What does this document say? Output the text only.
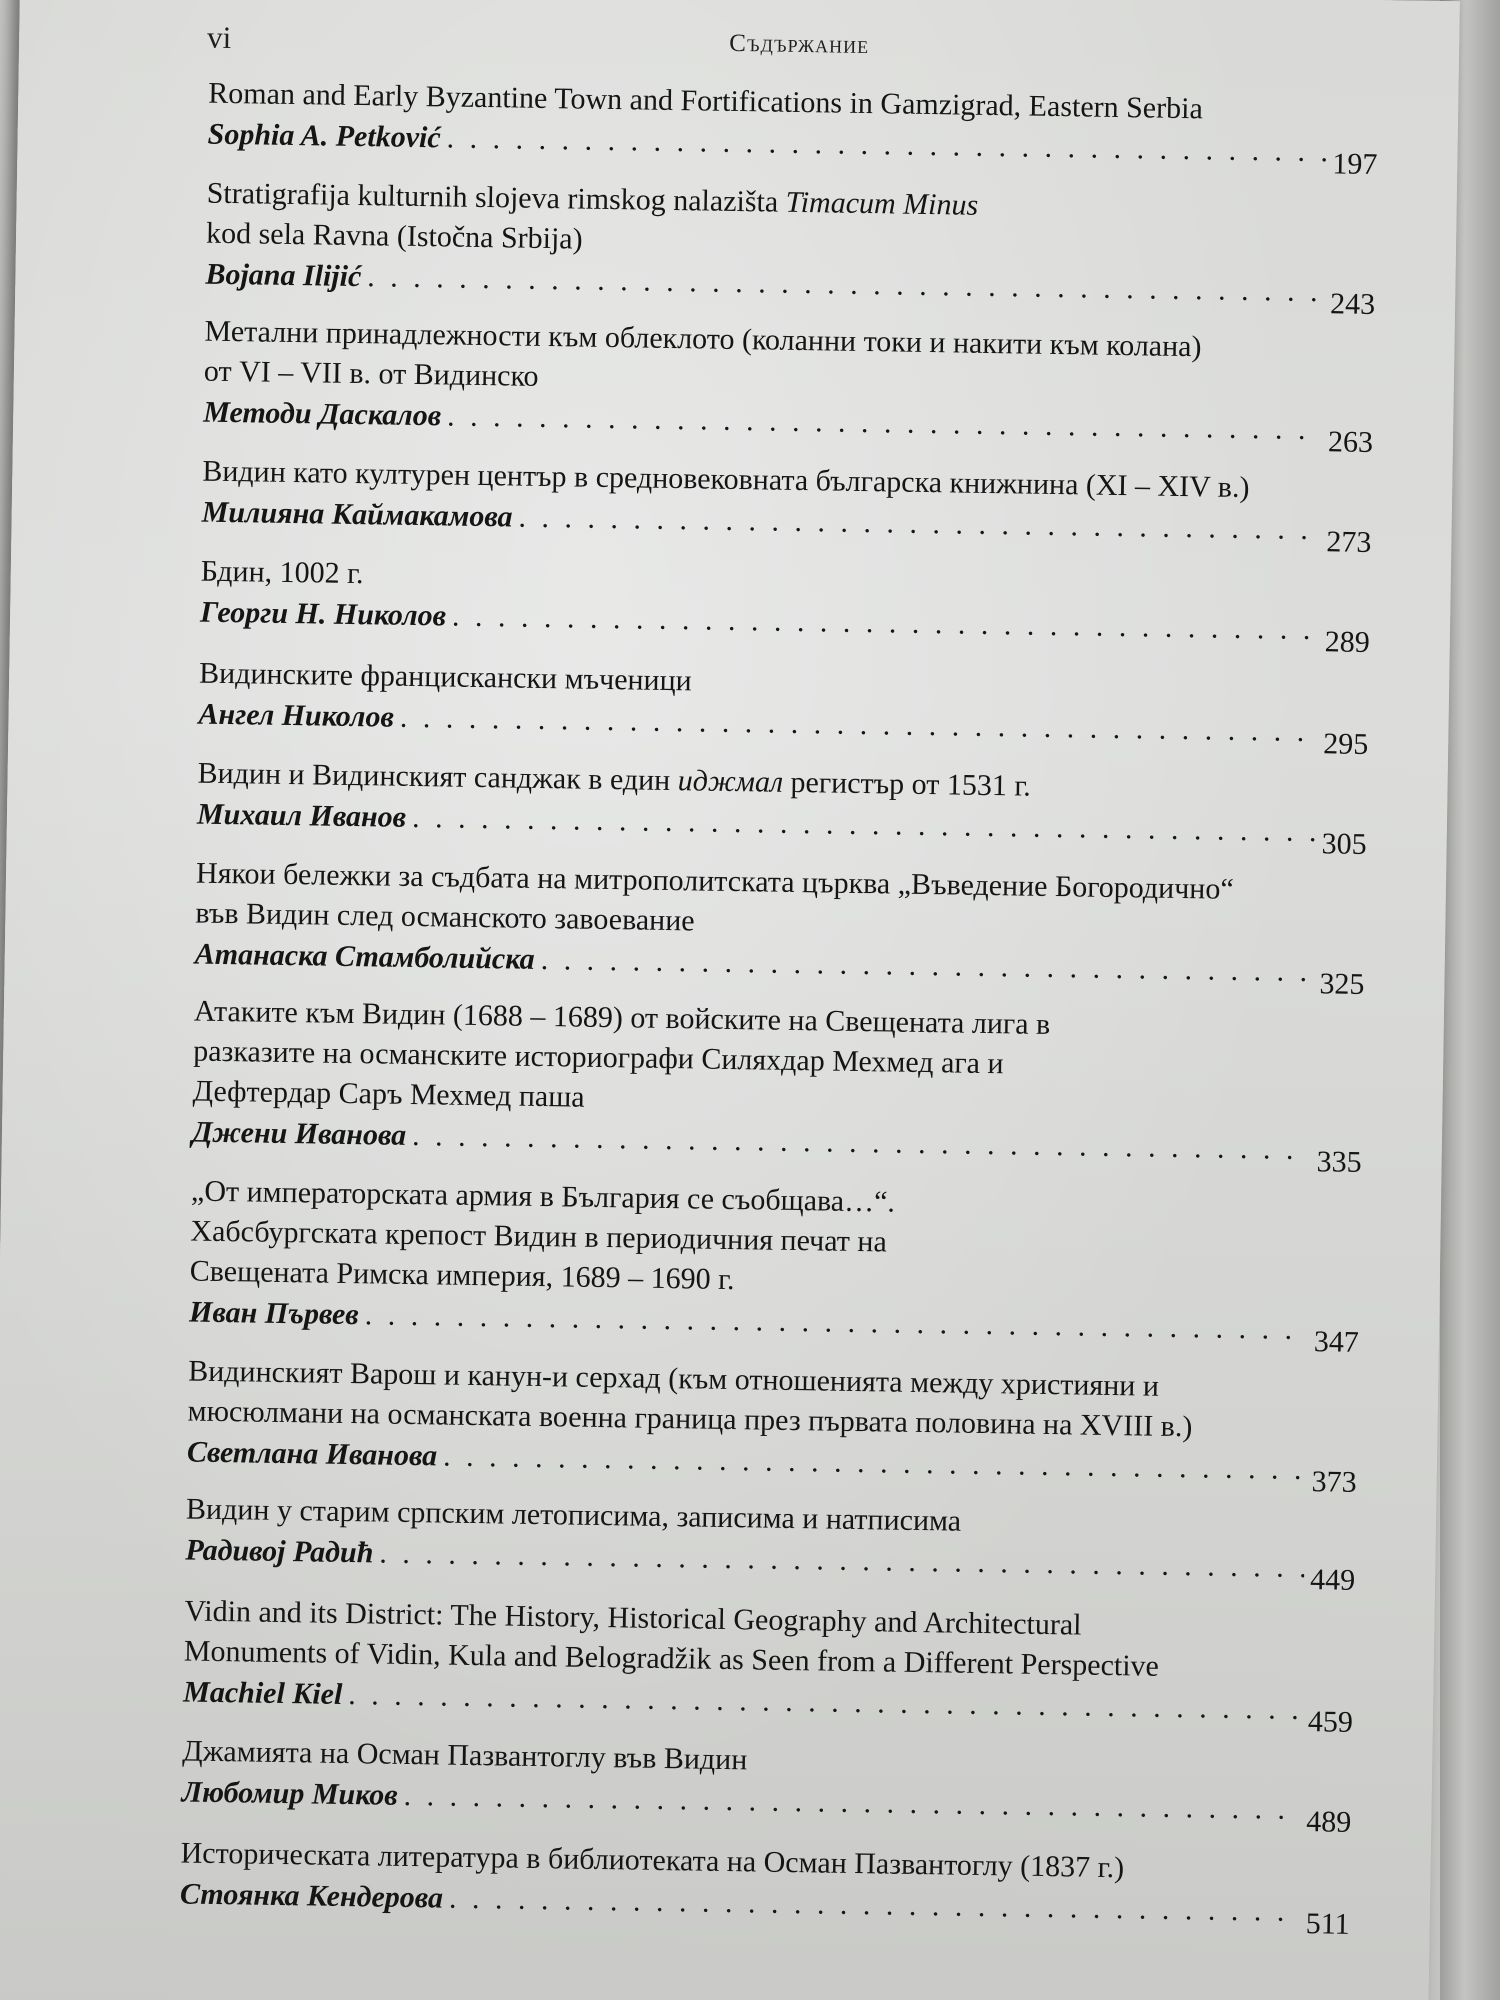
vi	Съдържание
Roman and Early Byzantine Town and Fortifications in Gamzigrad, Eastern Serbia
Sophia A. Petković
. . .
197
Stratigrafija kulturnih slojeva rimskog nalazišta Timacum Minus
kod sela Ravna (Istočna Srbija)
Bojana Ilijić
. . .
243
Метални принадлежности към облеклото (коланни токи и накити към колана)
от VI – VII в. от Видинско
Методи Даскалов
. . .
263
Видин като културен център в средновековната българска книжнина (XI – XIV в.)
Милияна Каймакамова
. . .
273
Бдин, 1002 г.
Георги Н. Николов
. . .
289
Видинските францискански мъченици
Ангел Николов
. . .
295
Видин и Видинският санджак в един иджмал регистър от 1531 г.
Михаил Иванов
. . .
305
Някои бележки за съдбата на митрополитската църква „Въведение Богородично“
във Видин след османското завоевание
Атанаска Стамболийска
. . .
325
Атаките към Видин (1688 – 1689) от войските на Свещената лига в
разказите на османските историографи Силяхдар Мехмед ага и
Дефтердар Саръ Мехмед паша
Джени Иванова
. . .
335
„От императорската армия в България се съобщава…“.
Хабсбургската крепост Видин в периодичния печат на
Свещената Римска империя, 1689 – 1690 г.
Иван Първев
. . .
347
Видинският Варош и канун-и серхад (към отношенията между християни и
мюсюлмани на османската военна граница през първата половина на XVIII в.)
Светлана Иванова
. . .
373
Видин у старим српским летописима, записима и натписима
Радивој Радић
. . .
449
Vidin and its District: The History, Historical Geography and Architectural
Monuments of Vidin, Kula and Belogradžik as Seen from a Different Perspective
Machiel Kiel
. . .
459
Джамията на Осман Пазвантоглу във Видин
Любомир Миков
. . .
489
Историческата литература в библиотеката на Осман Пазвантоглу (1837 г.)
Стоянка Кендерова
. . .
511
